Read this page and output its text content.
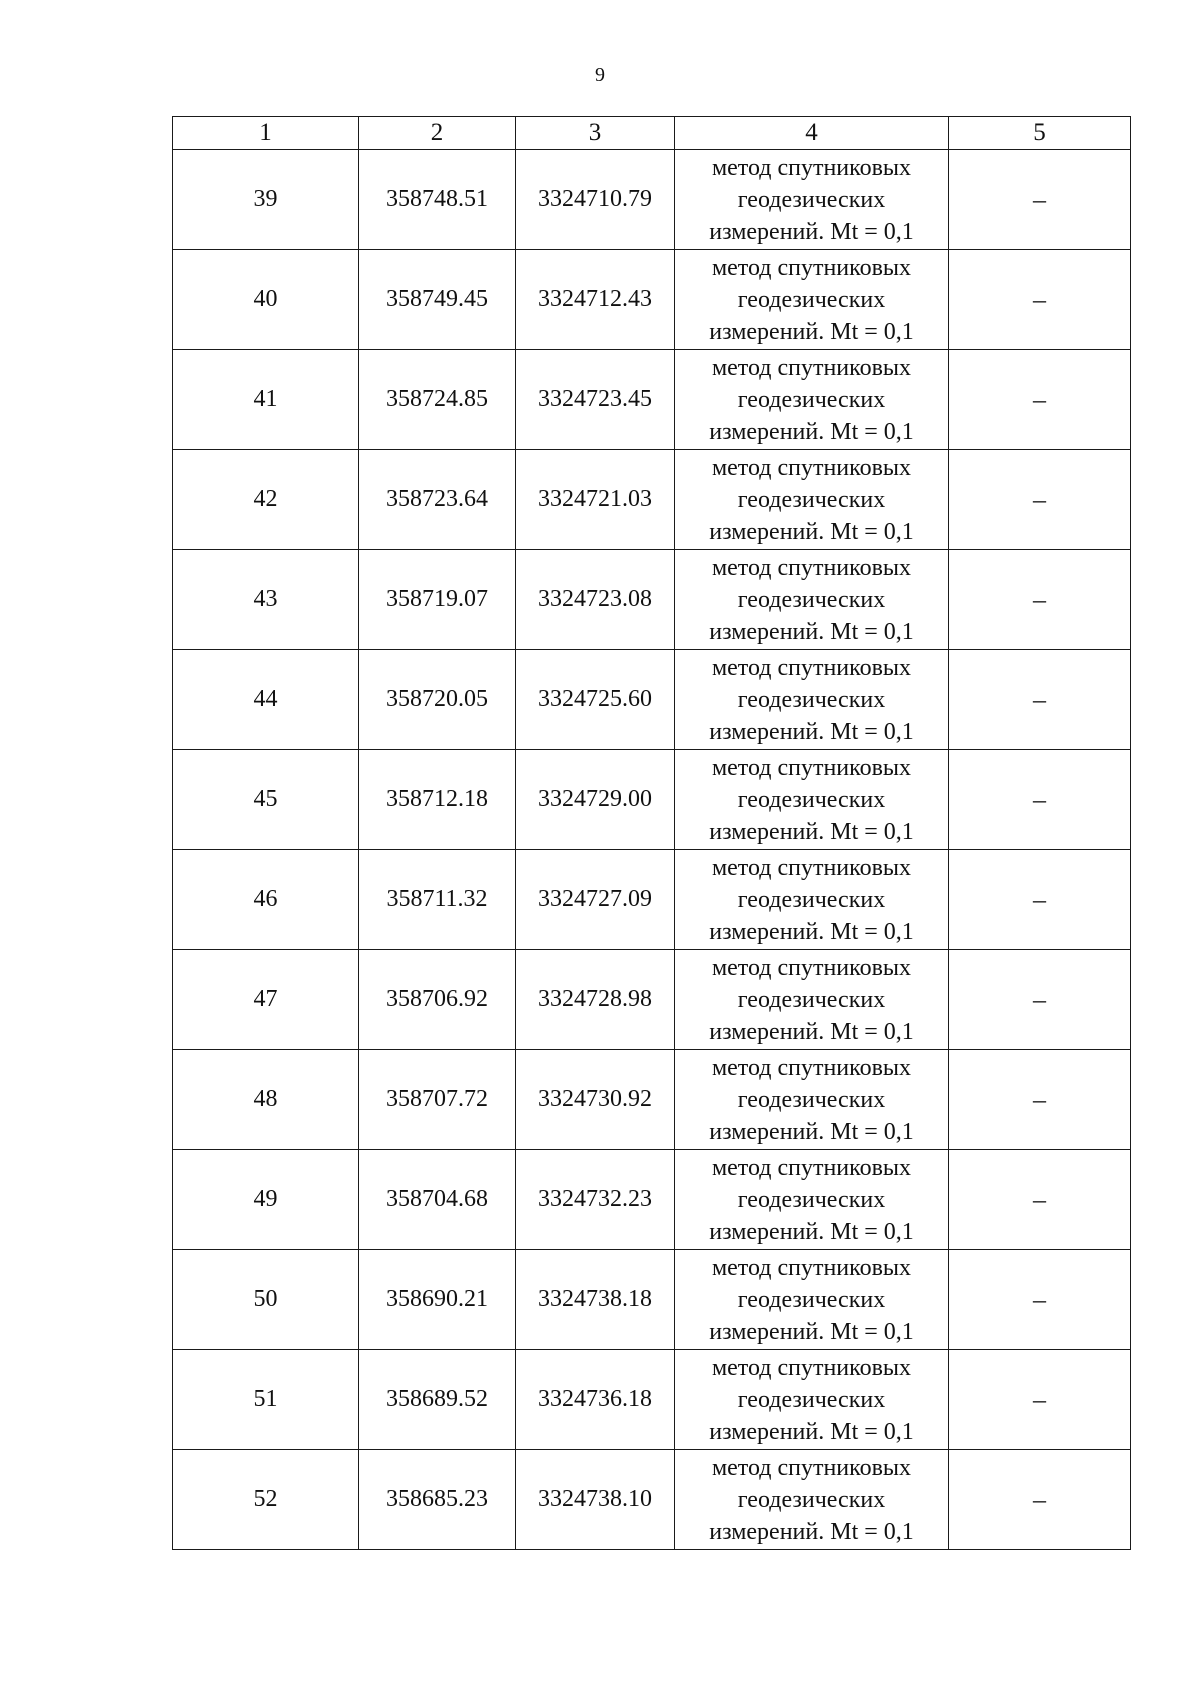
9
1	2	3	4	5
39	358748.51	3324710.79	метод спутниковых
геодезических
измерений. Mt = 0,1	–
40	358749.45	3324712.43	метод спутниковых
геодезических
измерений. Mt = 0,1	–
41	358724.85	3324723.45	метод спутниковых
геодезических
измерений. Mt = 0,1	–
42	358723.64	3324721.03	метод спутниковых
геодезических
измерений. Mt = 0,1	–
43	358719.07	3324723.08	метод спутниковых
геодезических
измерений. Mt = 0,1	–
44	358720.05	3324725.60	метод спутниковых
геодезических
измерений. Mt = 0,1	–
45	358712.18	3324729.00	метод спутниковых
геодезических
измерений. Mt = 0,1	–
46	358711.32	3324727.09	метод спутниковых
геодезических
измерений. Mt = 0,1	–
47	358706.92	3324728.98	метод спутниковых
геодезических
измерений. Mt = 0,1	–
48	358707.72	3324730.92	метод спутниковых
геодезических
измерений. Mt = 0,1	–
49	358704.68	3324732.23	метод спутниковых
геодезических
измерений. Mt = 0,1	–
50	358690.21	3324738.18	метод спутниковых
геодезических
измерений. Mt = 0,1	–
51	358689.52	3324736.18	метод спутниковых
геодезических
измерений. Mt = 0,1	–
52	358685.23	3324738.10	метод спутниковых
геодезических
измерений. Mt = 0,1	–
